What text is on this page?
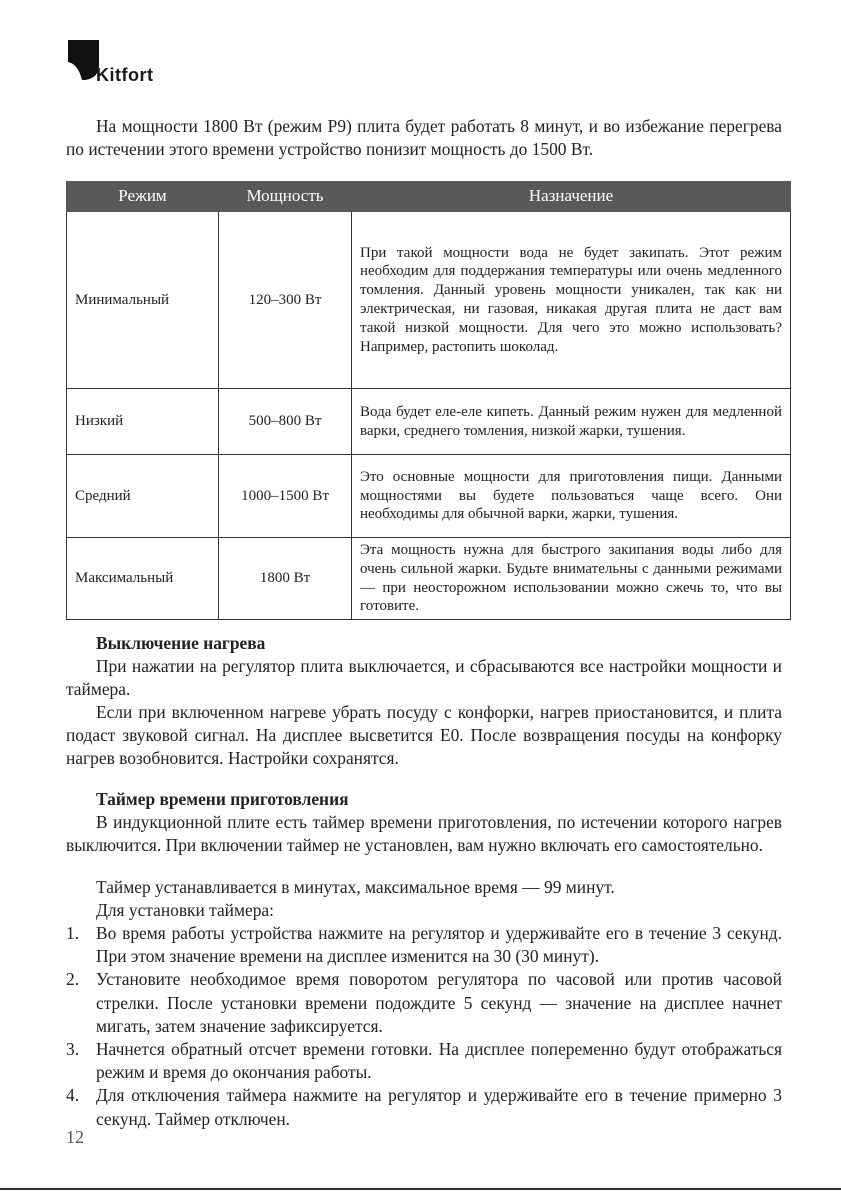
Kitfort

На мощности 1800 Вт (режим Р9) плита будет работать 8 минут, и во избежание перегрева по истечении этого времени устройство понизит мощность до 1500 Вт.

Режим	Мощность	Назначение
Минимальный	120–300 Вт	При такой мощности вода не будет закипать. Этот режим необходим для поддержания температуры или очень медленного томления. Данный уровень мощности уникален, так как ни электрическая, ни газовая, никакая другая плита не даст вам такой низкой мощности. Для чего это можно использовать? Например, растопить шоколад.
Низкий	500–800 Вт	Вода будет еле-еле кипеть. Данный режим нужен для медленной варки, среднего томления, низкой жарки, тушения.
Средний	1000–1500 Вт	Это основные мощности для приготовления пищи. Данными мощностями вы будете пользоваться чаще всего. Они необходимы для обычной варки, жарки, тушения.
Максимальный	1800 Вт	Эта мощность нужна для быстрого закипания воды либо для очень сильной жарки. Будьте внимательны с данными режимами — при неосторожном использовании можно сжечь то, что вы готовите.

Выключение нагрева

При нажатии на регулятор плита выключается, и сбрасываются все настройки мощности и таймера.

Если при включенном нагреве убрать посуду с конфорки, нагрев приостановится, и плита подаст звуковой сигнал. На дисплее высветится Е0. После возвращения посуды на конфорку нагрев возобновится. Настройки сохранятся.

Таймер времени приготовления

В индукционной плите есть таймер времени приготовления, по истечении которого нагрев выключится. При включении таймер не установлен, вам нужно включать его самостоятельно.

Таймер устанавливается в минутах, максимальное время — 99 минут.

Для установки таймера:

1. Во время работы устройства нажмите на регулятор и удерживайте его в течение 3 секунд. При этом значение времени на дисплее изменится на 30 (30 минут).
2. Установите необходимое время поворотом регулятора по часовой или против часовой стрелки. После установки времени подождите 5 секунд — значение на дисплее начнет мигать, затем значение зафиксируется.
3. Начнется обратный отсчет времени готовки. На дисплее попеременно будут отображаться режим и время до окончания работы.
4. Для отключения таймера нажмите на регулятор и удерживайте его в течение примерно 3 секунд. Таймер отключен.
12
